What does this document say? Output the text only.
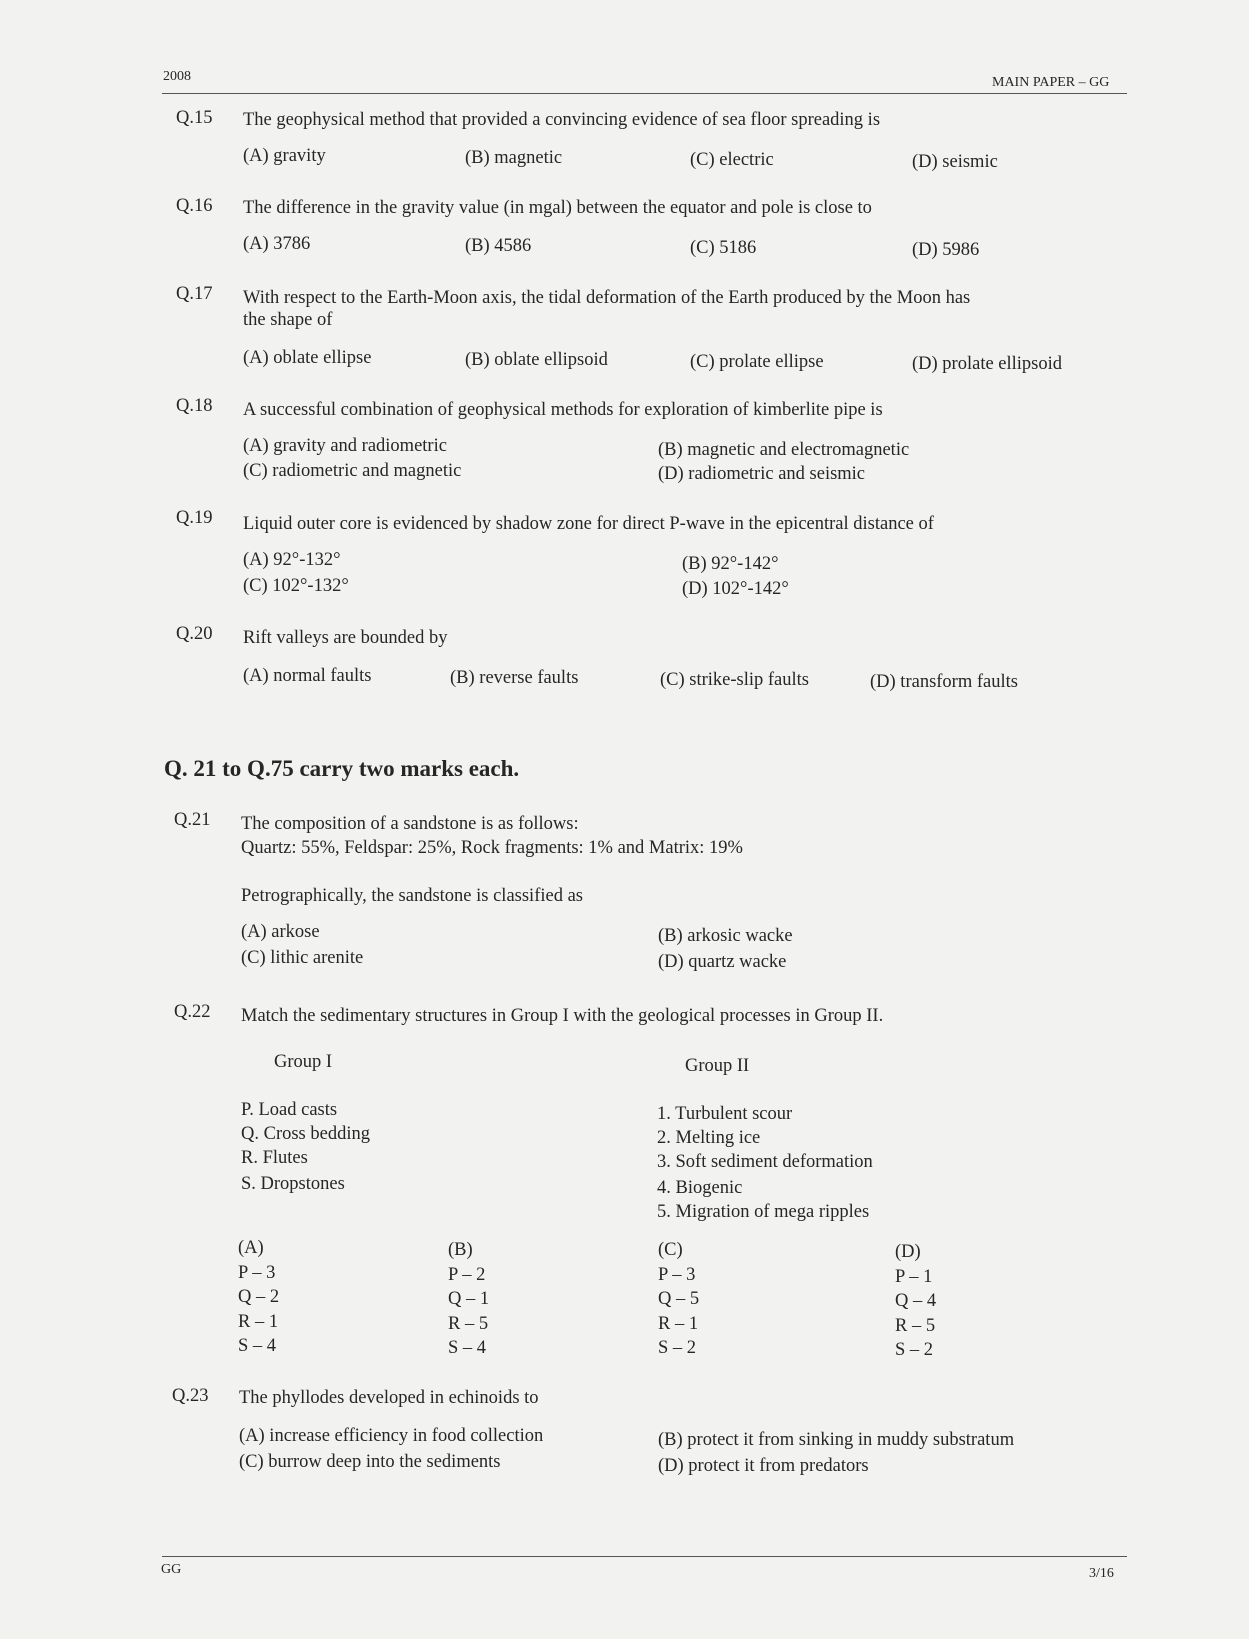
2008	MAIN PAPER – GG
Q.15 The geophysical method that provided a convincing evidence of sea floor spreading is
(A) gravity	(B) magnetic	(C) electric	(D) seismic
Q.16 The difference in the gravity value (in mgal) between the equator and pole is close to
(A) 3786	(B) 4586	(C) 5186	(D) 5986
Q.17 With respect to the Earth-Moon axis, the tidal deformation of the Earth produced by the Moon has
the shape of
(A) oblate ellipse	(B) oblate ellipsoid	(C) prolate ellipse	(D) prolate ellipsoid
Q.18 A successful combination of geophysical methods for exploration of kimberlite pipe is
(A) gravity and radiometric	(B) magnetic and electromagnetic
(C) radiometric and magnetic	(D) radiometric and seismic
Q.19 Liquid outer core is evidenced by shadow zone for direct P-wave in the epicentral distance of
(A) 92°-132°	(B) 92°-142°
(C) 102°-132°	(D) 102°-142°
Q.20 Rift valleys are bounded by
(A) normal faults	(B) reverse faults	(C) strike-slip faults	(D) transform faults
Q. 21 to Q.75 carry two marks each.
Q.21 The composition of a sandstone is as follows:
Quartz: 55%, Feldspar: 25%, Rock fragments: 1% and Matrix: 19%
Petrographically, the sandstone is classified as
(A) arkose	(B) arkosic wacke
(C) lithic arenite	(D) quartz wacke
Q.22 Match the sedimentary structures in Group I with the geological processes in Group II.
Group I	Group II
P. Load casts
Q. Cross bedding
R. Flutes
S. Dropstones
1. Turbulent scour
2. Melting ice
3. Soft sediment deformation
4. Biogenic
5. Migration of mega ripples
(A)
P – 3
Q – 2
R – 1
S – 4
(B)
P – 2
Q – 1
R – 5
S – 4
(C)
P – 3
Q – 5
R – 1
S – 2
(D)
P – 1
Q – 4
R – 5
S – 2
Q.23 The phyllodes developed in echinoids to
(A) increase efficiency in food collection	(B) protect it from sinking in muddy substratum
(C) burrow deep into the sediments	(D) protect it from predators
GG	3/16
